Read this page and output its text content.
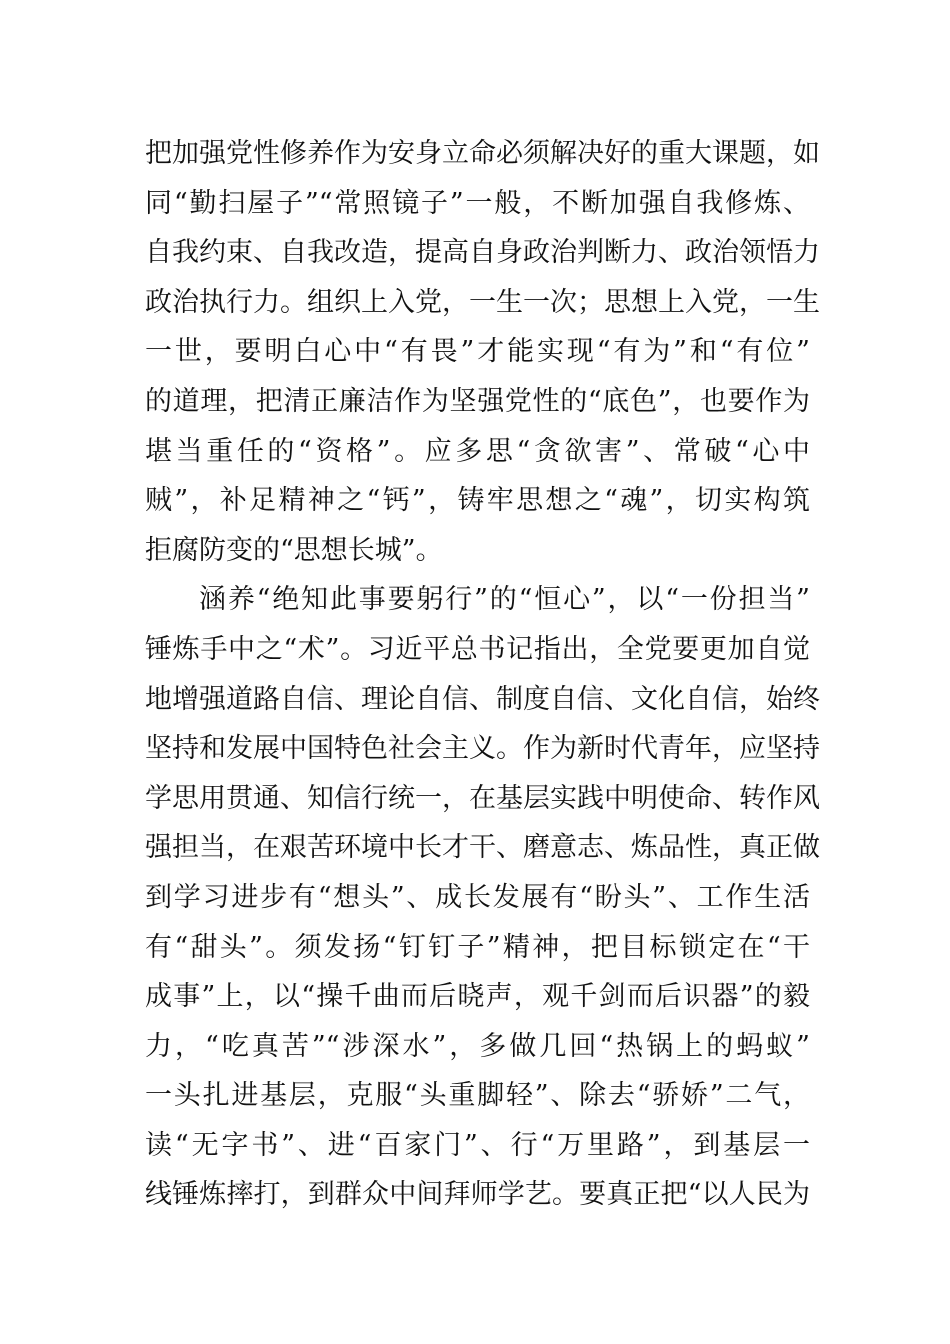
把加强党性修养作为安身立命必须解决好的重大课题，如
同“勤扫屋子”“常照镜子”一般，不断加强自我修炼、
自我约束、自我改造，提高自身政治判断力、政治领悟力
政治执行力。组织上入党，一生一次；思想上入党，一生
一世，要明白心中“有畏”才能实现“有为”和“有位”
的道理，把清正廉洁作为坚强党性的“底色”，也要作为
堪当重任的“资格”。应多思“贪欲害”、常破“心中
贼”，补足精神之“钙”，铸牢思想之“魂”，切实构筑
拒腐防变的“思想长城”。
涵养“绝知此事要躬行”的“恒心”，以“一份担当”
锤炼手中之“术”。习近平总书记指出，全党要更加自觉
地增强道路自信、理论自信、制度自信、文化自信，始终
坚持和发展中国特色社会主义。作为新时代青年，应坚持
学思用贯通、知信行统一，在基层实践中明使命、转作风
强担当，在艰苦环境中长才干、磨意志、炼品性，真正做
到学习进步有“想头”、成长发展有“盼头”、工作生活
有“甜头”。须发扬“钉钉子”精神，把目标锁定在“干
成事”上，以“操千曲而后晓声，观千剑而后识器”的毅
力，“吃真苦”“涉深水”，多做几回“热锅上的蚂蚁”
一头扎进基层，克服“头重脚轻”、除去“骄娇”二气，
读“无字书”、进“百家门”、行“万里路”，到基层一
线锤炼摔打，到群众中间拜师学艺。要真正把“以人民为
